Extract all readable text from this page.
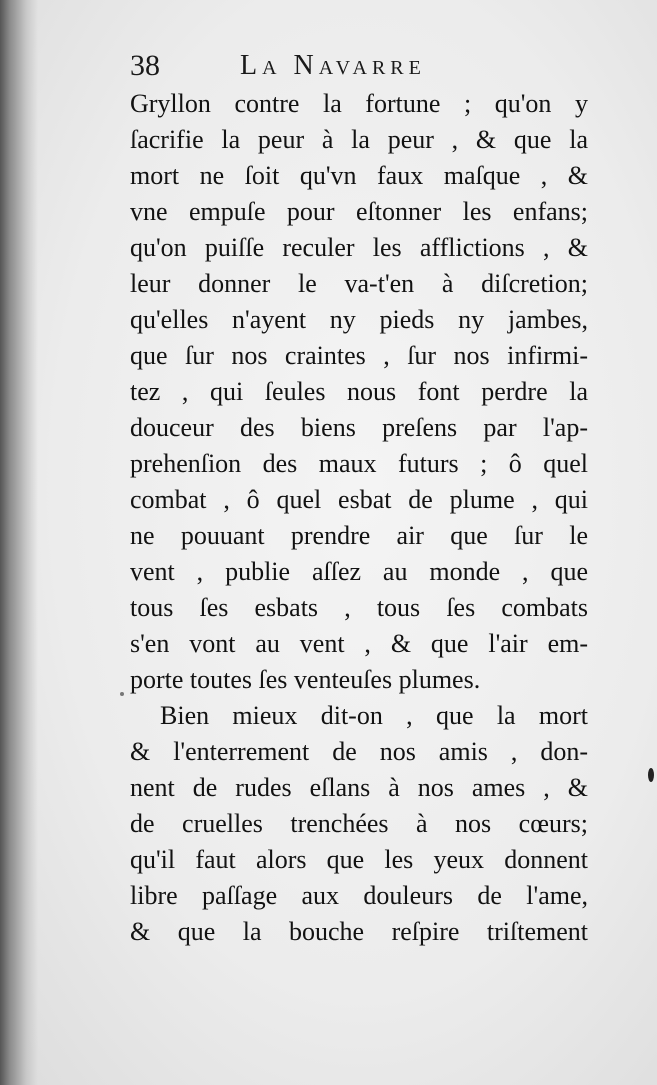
38	La Navarre
Gryllon contre la fortune ; qu'on y
ſacrifie la peur à la peur , & que la
mort ne ſoit qu'vn faux maſque , &
vne empuſe pour eſtonner les enfans;
qu'on puiſſe reculer les afflictions , &
leur donner le va-t'en à diſcretion;
qu'elles n'ayent ny pieds ny jambes,
que ſur nos craintes , ſur nos infirmi-
tez , qui ſeules nous font perdre la
douceur des biens preſens par l'ap-
prehenſion des maux futurs ; ô quel
combat , ô quel esbat de plume , qui
ne pouuant prendre air que ſur le
vent , publie aſſez au monde , que
tous ſes esbats , tous ſes combats
s'en vont au vent , & que l'air em-
porte toutes ſes venteuſes plumes.
Bien mieux dit-on , que la mort
& l'enterrement de nos amis , don-
nent de rudes eſlans à nos ames , &
de cruelles trenchées à nos cœurs;
qu'il faut alors que les yeux donnent
libre paſſage aux douleurs de l'ame,
& que la bouche reſpire triſtement
